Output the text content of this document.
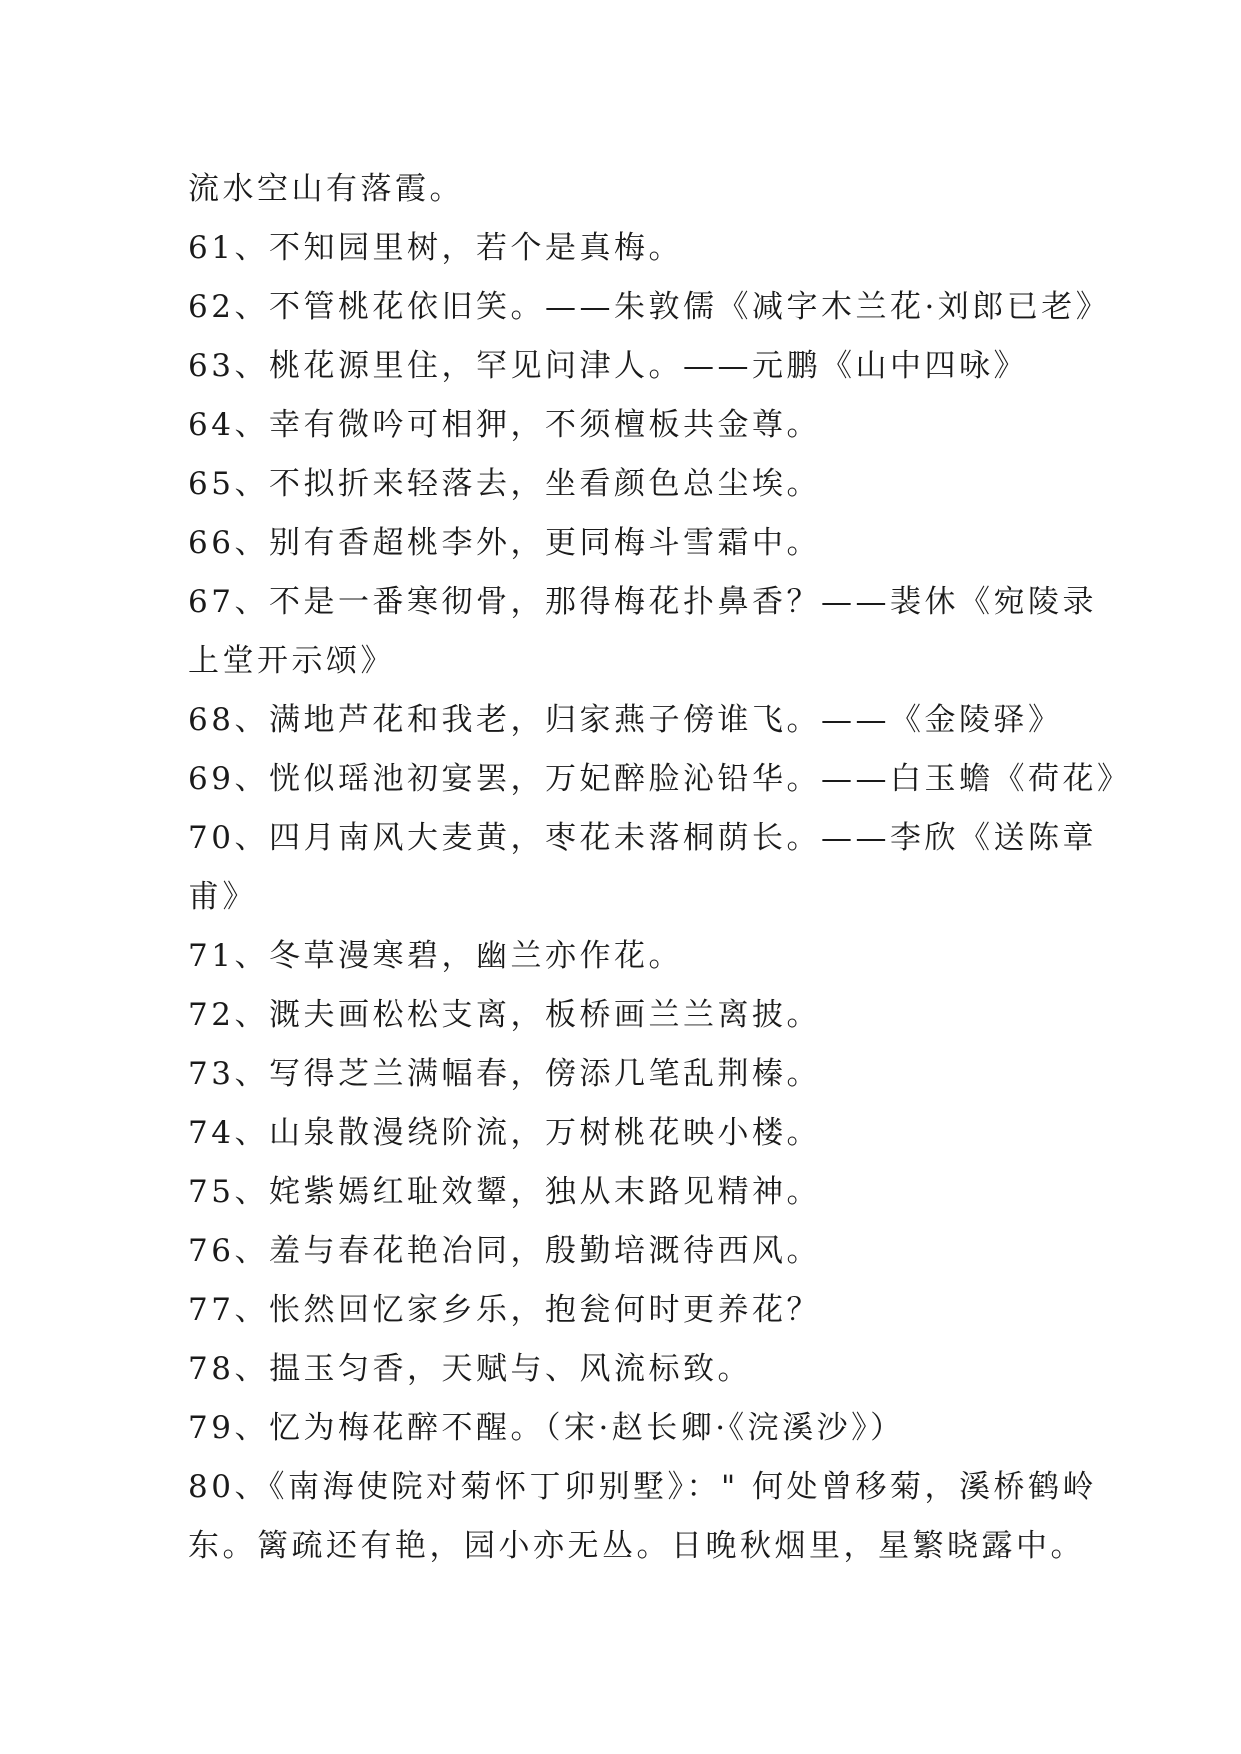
流水空山有落霞。
61、不知园里树，若个是真梅。
62、不管桃花依旧笑。——朱敦儒《减字木兰花·刘郎已老》
63、桃花源里住，罕见问津人。——元鹏《山中四咏》
64、幸有微吟可相狎，不须檀板共金尊。
65、不拟折来轻落去，坐看颜色总尘埃。
66、别有香超桃李外，更同梅斗雪霜中。
67、不是一番寒彻骨，那得梅花扑鼻香？——裴休《宛陵录
上堂开示颂》
68、满地芦花和我老，归家燕子傍谁飞。——《金陵驿》
69、恍似瑶池初宴罢，万妃醉脸沁铅华。——白玉蟾《荷花》
70、四月南风大麦黄，枣花未落桐荫长。——李欣《送陈章
甫》
71、冬草漫寒碧，幽兰亦作花。
72、溉夫画松松支离，板桥画兰兰离披。
73、写得芝兰满幅春，傍添几笔乱荆榛。
74、山泉散漫绕阶流，万树桃花映小楼。
75、姹紫嫣红耻效颦，独从末路见精神。
76、羞与春花艳冶同，殷勤培溉待西风。
77、怅然回忆家乡乐，抱瓮何时更养花？
78、揾玉匀香，天赋与、风流标致。
79、忆为梅花醉不醒。（宋·赵长卿·《浣溪沙》）
80、《南海使院对菊怀丁卯别墅》：" 何处曾移菊，溪桥鹤岭
东。篱疏还有艳，园小亦无丛。日晚秋烟里，星繁晓露中。
